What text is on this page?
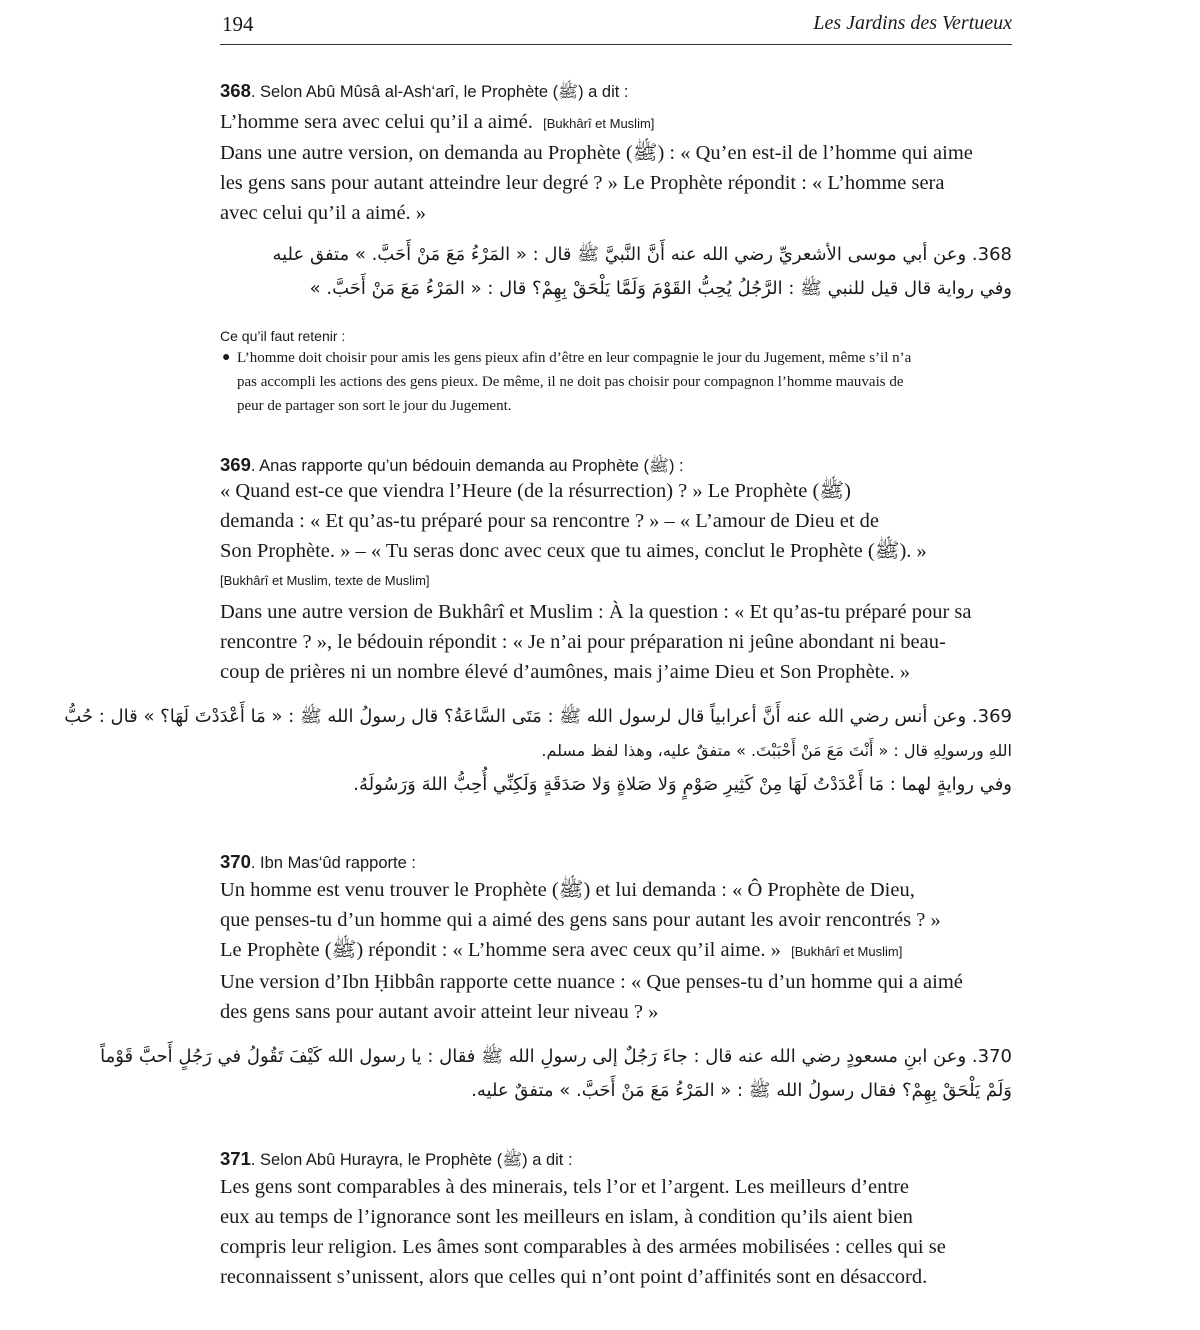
194	Les Jardins des Vertueux
368. Selon Abû Mûsâ al-Ash‘arî, le Prophète (ﷺ) a dit :
L’homme sera avec celui qu’il a aimé. [Bukhârî et Muslim]
Dans une autre version, on demanda au Prophète (ﷺ) : « Qu’en est-il de l’homme qui aime
les gens sans pour autant atteindre leur degré ? » Le Prophète répondit : « L’homme sera
avec celui qu’il a aimé. »
368. وعن أبي موسى الأشعريِّ رضي الله عنه أَنَّ النَّبيَّ ﷺ قال : « المَرْءُ مَعَ مَنْ أَحَبَّ. » متفق عليه
وفي رواية قال قيل للنبي ﷺ : الرَّجُلُ يُحِبُّ القَوْمَ وَلَمَّا يَلْحَقْ بِهِمْ؟ قال : « المَرْءُ مَعَ مَنْ أَحَبَّ. »
Ce qu’il faut retenir :
● L’homme doit choisir pour amis les gens pieux afin d’être en leur compagnie le jour du Jugement, même s’il n’a
pas accompli les actions des gens pieux. De même, il ne doit pas choisir pour compagnon l’homme mauvais de
peur de partager son sort le jour du Jugement.
369. Anas rapporte qu’un bédouin demanda au Prophète (ﷺ) :
« Quand est-ce que viendra l’Heure (de la résurrection) ? » Le Prophète (ﷺ)
demanda : « Et qu’as-tu préparé pour sa rencontre ? » – « L’amour de Dieu et de
Son Prophète. » – « Tu seras donc avec ceux que tu aimes, conclut le Prophète (ﷺ). »
[Bukhârî et Muslim, texte de Muslim]
Dans une autre version de Bukhârî et Muslim : À la question : « Et qu’as-tu préparé pour sa
rencontre ? », le bédouin répondit : « Je n’ai pour préparation ni jeûne abondant ni beau-
coup de prières ni un nombre élevé d’aumônes, mais j’aime Dieu et Son Prophète. »
369. وعن أنس رضي الله عنه أَنَّ أعرابياً قال لرسول الله ﷺ : مَتَى السَّاعَةُ؟ قال رسولُ الله ﷺ : « مَا أَعْدَدْتَ لَهَا؟ » قال : حُبُّ
اللهِ ورسولِهِ قال : « أَنْتَ مَعَ مَنْ أَحْبَبْتَ. » متفقٌ عليه، وهذا لفظ مسلم.
وفي روايةٍ لهما : مَا أَعْدَدْتُ لَهَا مِنْ كَثِيرِ صَوْمٍ وَلا صَلاةٍ وَلا صَدَقَةٍ وَلَكِنِّي أُحِبُّ اللهَ وَرَسُولَهُ.
370. Ibn Mas‘ûd rapporte :
Un homme est venu trouver le Prophète (ﷺ) et lui demanda : « Ô Prophète de Dieu,
que penses-tu d’un homme qui a aimé des gens sans pour autant les avoir rencontrés ? »
Le Prophète (ﷺ) répondit : « L’homme sera avec ceux qu’il aime. » [Bukhârî et Muslim]
Une version d’Ibn Ḥibbân rapporte cette nuance : « Que penses-tu d’un homme qui a aimé
des gens sans pour autant avoir atteint leur niveau ? »
370. وعن ابنِ مسعودٍ رضي الله عنه قال : جاءَ رَجُلٌ إلى رسولِ الله ﷺ فقال : يا رسول الله كَيْفَ تَقُولُ في رَجُلٍ أَحبَّ قَوْماً
وَلَمْ يَلْحَقْ بِهِمْ؟ فقال رسولُ الله ﷺ : « المَرْءُ مَعَ مَنْ أَحَبَّ. » متفقٌ عليه.
371. Selon Abû Hurayra, le Prophète (ﷺ) a dit :
Les gens sont comparables à des minerais, tels l’or et l’argent. Les meilleurs d’entre
eux au temps de l’ignorance sont les meilleurs en islam, à condition qu’ils aient bien
compris leur religion. Les âmes sont comparables à des armées mobilisées : celles qui se
reconnaissent s’unissent, alors que celles qui n’ont point d’affinités sont en désaccord.
